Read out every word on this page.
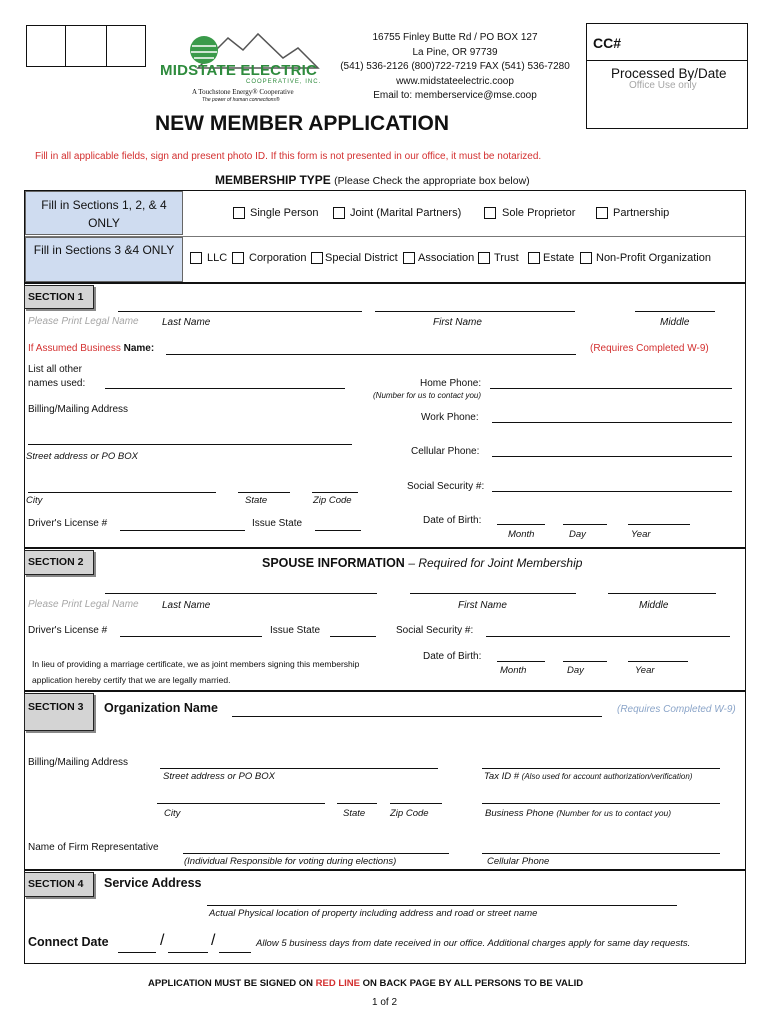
MIDSTATE ELECTRIC
COOPERATIVE, INC.
A Touchstone Energy® Cooperative
The power of human connections®
16755 Finley Butte Rd / PO BOX 127
La Pine, OR 97739
(541) 536-2126 (800)722-7219 FAX (541) 536-7280
www.midstateelectric.coop
Email to: memberservice@mse.coop
CC#
Processed By/Date
Office Use only
NEW MEMBER APPLICATION
Fill in all applicable fields, sign and present photo ID. If this form is not presented in our office, it must be notarized.
MEMBERSHIP TYPE (Please Check the appropriate box below)
Fill in Sections 1, 2, & 4 ONLY
Fill in Sections 3 &4 ONLY
Single Person	Joint (Marital Partners)	Sole Proprietor	Partnership
LLC Corporation Special District Association Trust Estate Non-Profit Organization
SECTION 1
Please Print Legal Name Last Name	First Name	Middle
If Assumed Business Name:	(Requires Completed W-9)
List all other
names used:	Home Phone:
(Number for us to contact you)
Billing/Mailing Address
Work Phone:
Cellular Phone:
Street address or PO BOX
Social Security #:
City	State	Zip Code
Driver's License #	Issue State	Date of Birth:
Month	Day	Year
SECTION 2	SPOUSE INFORMATION – Required for Joint Membership
Please Print Legal Name Last Name	First Name	Middle
Driver's License #	Issue State	Social Security #:
In lieu of providing a marriage certificate, we as joint members signing this membership
application hereby certify that we are legally married.
Date of Birth:
Month	Day	Year
SECTION 3	Organization Name	(Requires Completed W-9)
Billing/Mailing Address
Street address or PO BOX	Tax ID # (Also used for account authorization/verification)
City	State	Zip Code	Business Phone (Number for us to contact you)
Name of Firm Representative
(Individual Responsible for voting during elections)	Cellular Phone
SECTION 4	Service Address
Actual Physical location of property including address and road or street name
Connect Date	/	/	Allow 5 business days from date received in our office. Additional charges apply for same day requests.
APPLICATION MUST BE SIGNED ON RED LINE ON BACK PAGE BY ALL PERSONS TO BE VALID
1 of 2
